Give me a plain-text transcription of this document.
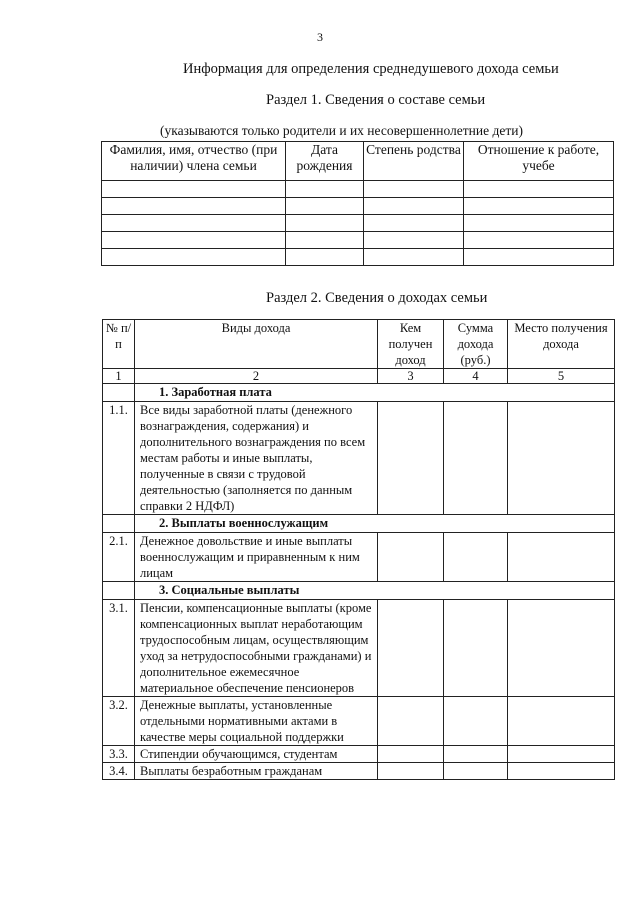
3
Информация для определения среднедушевого дохода семьи
Раздел 1. Сведения о составе семьи
(указываются только родители и их несовершеннолетние дети)
Фамилия, имя, отчество (при наличии) члена семьи	Дата рождения	Степень родства	Отношение к работе, учебе

Раздел 2. Сведения о доходах семьи
№ п/п	Виды дохода	Кем получен доход	Сумма дохода (руб.)	Место получения дохода
1	2	3	4	5
	1. Заработная плата			
1.1.	Все виды заработной платы (денежного вознаграждения, содержания) и дополнительного вознаграждения по всем местам работы и иные выплаты, полученные в связи с трудовой деятельностью (заполняется по данным справки 2 НДФЛ)			
	2. Выплаты военнослужащим			
2.1.	Денежное довольствие и иные выплаты военнослужащим и приравненным к ним лицам			
	3. Социальные выплаты			
3.1.	Пенсии, компенсационные выплаты (кроме компенсационных выплат неработающим трудоспособным лицам, осуществляющим уход за нетрудоспособными гражданами) и дополнительное ежемесячное материальное обеспечение пенсионеров			
3.2.	Денежные выплаты, установленные отдельными нормативными актами в качестве меры социальной поддержки			
3.3.	Стипендии обучающимся, студентам			
3.4.	Выплаты безработным гражданам			
